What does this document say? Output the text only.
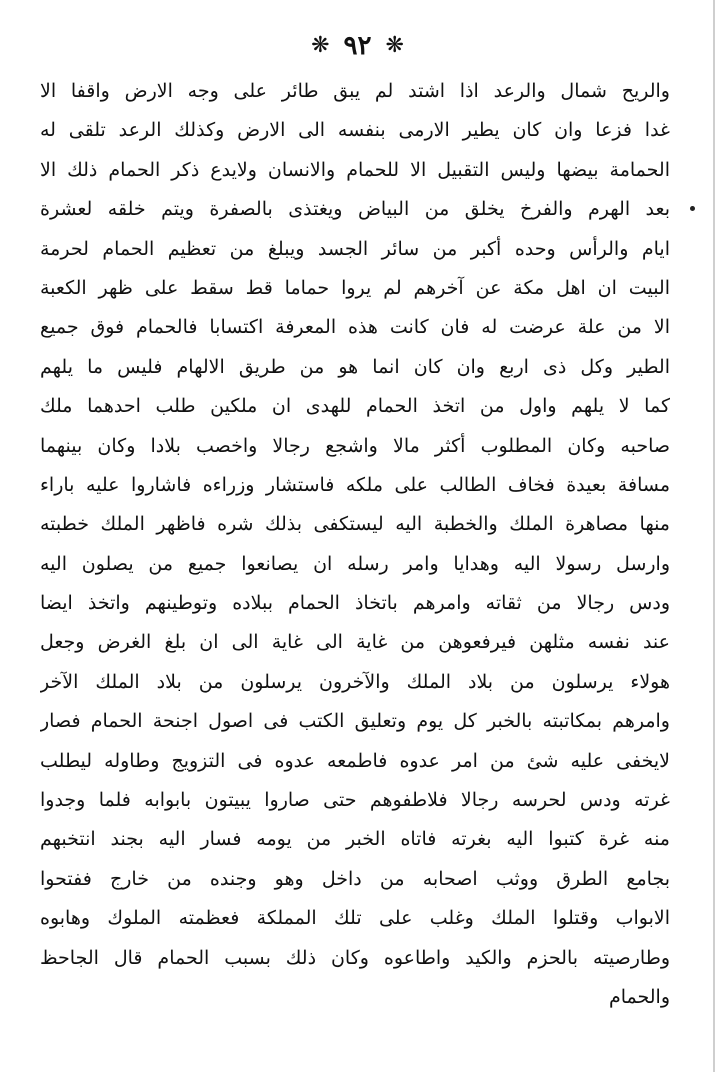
❋ ٩٢ ❋
والريح شمال والرعد اذا اشتد لم يبق طائر على وجه الارض واقفا الا
غدا فزعا وان كان يطير الارمى بنفسه الى الارض وكذلك الرعد تلقى له
الحمامة بيضها وليس التقبيل الا للحمام والانسان ولايدع ذكر الحمام ذلك الا
بعد الهرم والفرخ يخلق من البياض ويغتذى بالصفرة ويتم خلقه لعشرة
ايام والرأس وحده أكبر من سائر الجسد ويبلغ من تعظيم الحمام لحرمة
البيت ان اهل مكة عن آخرهم لم يروا حماما قط سقط على ظهر الكعبة
الا من علة عرضت له فان كانت هذه المعرفة اكتسابا فالحمام فوق جميع
الطير وكل ذى اربع وان كان انما هو من طريق الالهام فليس ما يلهم
كما لا يلهم واول من اتخذ الحمام للهدى ان ملكين طلب احدهما ملك
صاحبه وكان المطلوب أكثر مالا واشجع رجالا واخصب بلادا وكان بينهما
مسافة بعيدة فخاف الطالب على ملكه فاستشار وزراءه فاشاروا عليه باراء
منها مصاهرة الملك والخطبة اليه ليستكفى بذلك شره فاظهر الملك خطبته
وارسل رسولا اليه وهدايا وامر رسله ان يصانعوا جميع من يصلون اليه
ودس رجالا من ثقاته وامرهم باتخاذ الحمام ببلاده وتوطينهم واتخذ ايضا
عند نفسه مثلهن فيرفعوهن من غاية الى غاية الى ان بلغ الغرض وجعل
هولاء يرسلون من بلاد الملك والآخرون يرسلون من بلاد الملك الآخر
وامرهم بمكاتبته بالخبر كل يوم وتعليق الكتب فى اصول اجنحة الحمام فصار
لايخفى عليه شئ من امر عدوه فاطمعه عدوه فى التزويج وطاوله ليطلب
غرته ودس لحرسه رجالا فلاطفوهم حتى صاروا يبيتون بابوابه فلما وجدوا
منه غرة كتبوا اليه بغرته فاتاه الخبر من يومه فسار اليه بجند انتخبهم
بجامع الطرق ووثب اصحابه من داخل وهو وجنده من خارج ففتحوا
الابواب وقتلوا الملك وغلب على تلك المملكة فعظمته الملوك وهابوه
وطارصيته بالحزم والكيد واطاعوه وكان ذلك بسبب الحمام قال الجاحظ
والحمام
